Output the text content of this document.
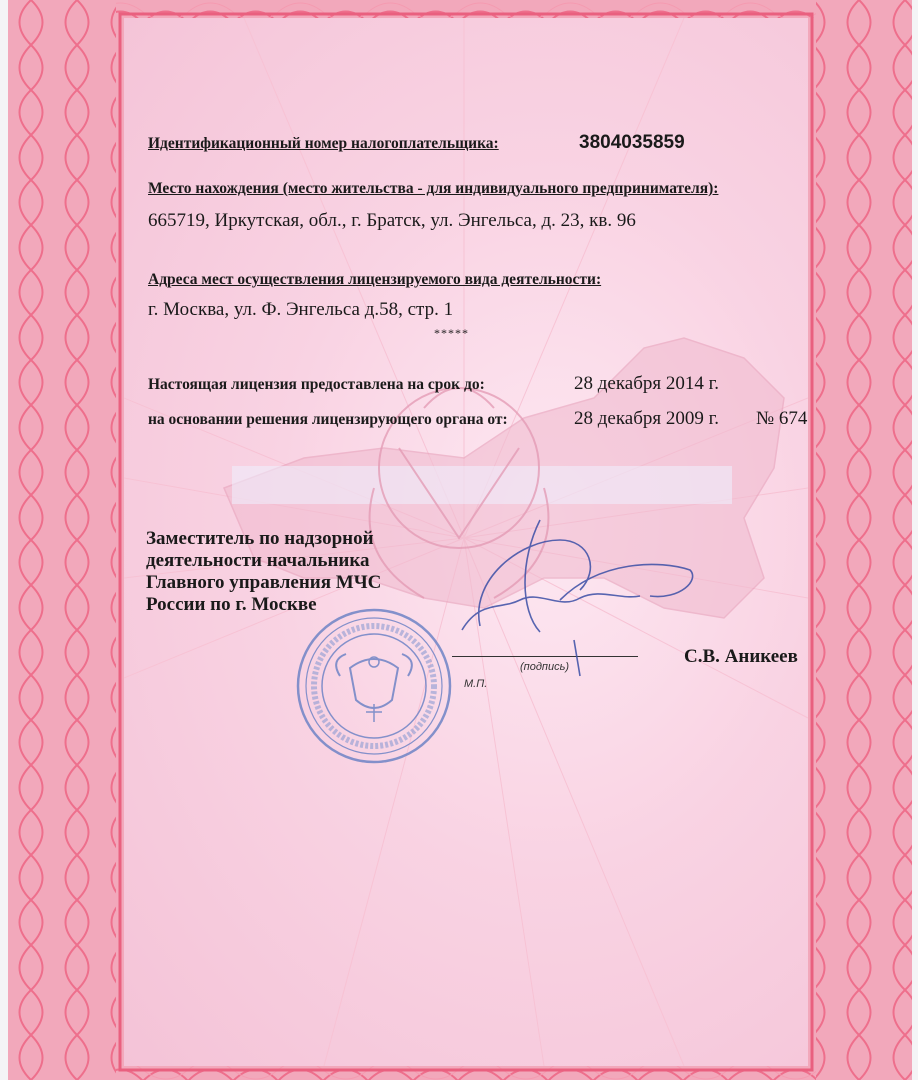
Идентификационный номер налогоплательщика:	3804035859
Место нахождения (место жительства - для индивидуального предпринимателя):
665719, Иркутская, обл., г. Братск, ул. Энгельса, д. 23, кв. 96
Адреса мест осуществления лицензируемого вида деятельности:
г. Москва, ул. Ф. Энгельса д.58, стр. 1
*****
Настоящая лицензия предоставлена на срок до:	28 декабря 2014 г.
на основании решения лицензирующего органа от:	28 декабря 2009 г. № 674
Заместитель по надзорной
деятельности начальника
Главного управления МЧС
России по г. Москве
(подпись)
М.П.
С.В. Аникеев
